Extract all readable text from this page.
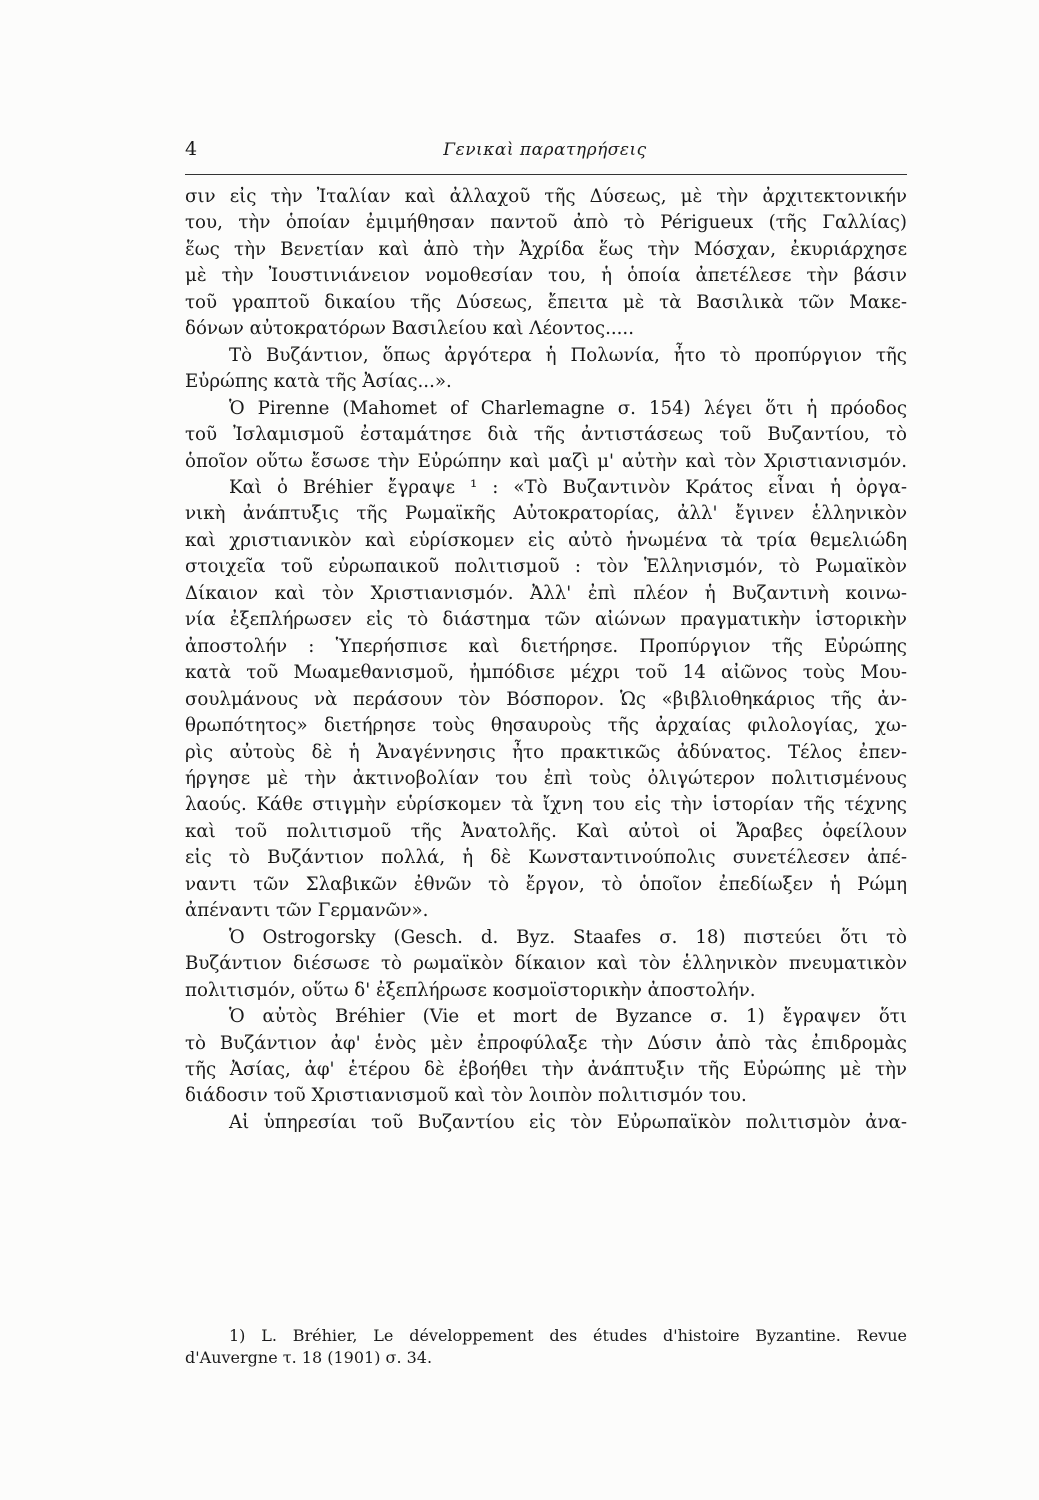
4	Γενικαὶ παρατηρήσεις
σιν εἰς τὴν Ἰταλίαν καὶ ἀλλαχοῦ τῆς Δύσεως, μὲ τὴν ἀρχιτεκτονικήν
του, τὴν ὁποίαν ἐμιμήθησαν παντοῦ ἀπὸ τὸ Périgueux (τῆς Γαλλίας)
ἕως τὴν Βενετίαν καὶ ἀπὸ τὴν Ἀχρίδα ἕως τὴν Μόσχαν, ἐκυριάρχησε
μὲ τὴν Ἰουστινιάνειον νομοθεσίαν του, ἡ ὁποία ἀπετέλεσε τὴν βάσιν
τοῦ γραπτοῦ δικαίου τῆς Δύσεως, ἔπειτα μὲ τὰ Βασιλικὰ τῶν Μακε-
δόνων αὐτοκρατόρων Βασιλείου καὶ Λέοντος.....
Τὸ Βυζάντιον, ὅπως ἀργότερα ἡ Πολωνία, ἦτο τὸ προπύργιον τῆς
Εὐρώπης κατὰ τῆς Ἀσίας...».
Ὁ Pirenne (Mahomet of Charlemagne σ. 154) λέγει ὅτι ἡ πρόοδος
τοῦ Ἰσλαμισμοῦ ἐσταμάτησε διὰ τῆς ἀντιστάσεως τοῦ Βυζαντίου, τὸ
ὁποῖον οὕτω ἔσωσε τὴν Εὐρώπην καὶ μαζὶ μ' αὐτὴν καὶ τὸν Χριστιανισμόν.
Καὶ ὁ Bréhier ἔγραψε ¹ : «Τὸ Βυζαντινὸν Κράτος εἶναι ἡ ὀργα-
νικὴ ἀνάπτυξις τῆς Ρωμαϊκῆς Αὐτοκρατορίας, ἀλλ' ἔγινεν ἑλληνικὸν
καὶ χριστιανικὸν καὶ εὑρίσκομεν εἰς αὐτὸ ἡνωμένα τὰ τρία θεμελιώδη
στοιχεῖα τοῦ εὐρωπαικοῦ πολιτισμοῦ : τὸν Ἑλληνισμόν, τὸ Ρωμαϊκὸν
Δίκαιον καὶ τὸν Χριστιανισμόν. Ἀλλ' ἐπὶ πλέον ἡ Βυζαντινὴ κοινω-
νία ἐξεπλήρωσεν εἰς τὸ διάστημα τῶν αἰώνων πραγματικὴν ἱστορικὴν
ἀποστολήν : Ὑπερήσπισε καὶ διετήρησε. Προπύργιον τῆς Εὐρώπης
κατὰ τοῦ Μωαμεθανισμοῦ, ἠμπόδισε μέχρι τοῦ 14 αἰῶνος τοὺς Μου-
σουλμάνους νὰ περάσουν τὸν Βόσπορον. Ὡς «βιβλιοθηκάριος τῆς ἀν-
θρωπότητος» διετήρησε τοὺς θησαυροὺς τῆς ἀρχαίας φιλολογίας, χω-
ρὶς αὐτοὺς δὲ ἡ Ἀναγέννησις ἦτο πρακτικῶς ἀδύνατος. Τέλος ἐπεν-
ήργησε μὲ τὴν ἀκτινοβολίαν του ἐπὶ τοὺς ὀλιγώτερον πολιτισμένους
λαούς. Κάθε στιγμὴν εὑρίσκομεν τὰ ἴχνη του εἰς τὴν ἱστορίαν τῆς τέχνης
καὶ τοῦ πολιτισμοῦ τῆς Ἀνατολῆς. Καὶ αὐτοὶ οἱ Ἄραβες ὀφείλουν
εἰς τὸ Βυζάντιον πολλά, ἡ δὲ Κωνσταντινούπολις συνετέλεσεν ἀπέ-
ναντι τῶν Σλαβικῶν ἐθνῶν τὸ ἔργον, τὸ ὁποῖον ἐπεδίωξεν ἡ Ρώμη
ἀπέναντι τῶν Γερμανῶν».
Ὁ Ostrogorsky (Gesch. d. Byz. Staafes σ. 18) πιστεύει ὅτι τὸ
Βυζάντιον διέσωσε τὸ ρωμαϊκὸν δίκαιον καὶ τὸν ἑλληνικὸν πνευματικὸν
πολιτισμόν, οὕτω δ' ἐξεπλήρωσε κοσμοϊστορικὴν ἀποστολήν.
Ὁ αὐτὸς Bréhier (Vie et mort de Byzance σ. 1) ἔγραψεν ὅτι
τὸ Βυζάντιον ἀφ' ἑνὸς μὲν ἐπροφύλαξε τὴν Δύσιν ἀπὸ τὰς ἐπιδρομὰς
τῆς Ἀσίας, ἀφ' ἑτέρου δὲ ἐβοήθει τὴν ἀνάπτυξιν τῆς Εὐρώπης μὲ τὴν
διάδοσιν τοῦ Χριστιανισμοῦ καὶ τὸν λοιπὸν πολιτισμόν του.
Αἱ ὑπηρεσίαι τοῦ Βυζαντίου εἰς τὸν Εὐρωπαϊκὸν πολιτισμὸν ἀνα-
1) L. Bréhier, Le développement des études d'histoire Byzantine. Revue
d'Auvergne τ. 18 (1901) σ. 34.
